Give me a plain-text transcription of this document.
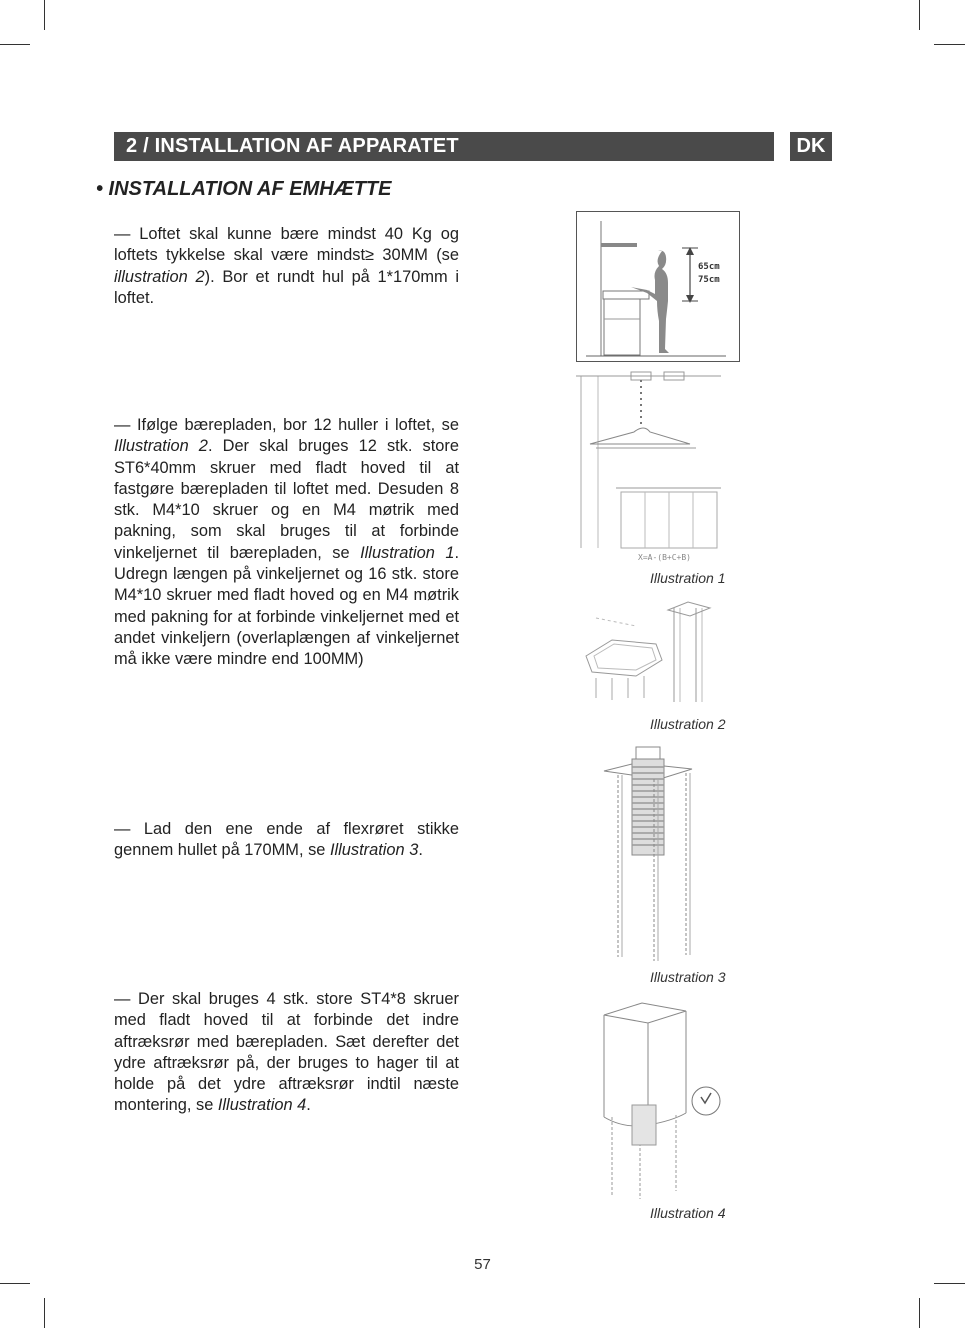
2 / INSTALLATION AF APPARATET	DK
• INSTALLATION AF EMHÆTTE
— Loftet skal kunne bære mindst 40 Kg og loftets tykkelse skal være mindst≥ 30MM (se illustration 2). Bor et rundt hul på 1*170mm i loftet.
— Ifølge bærepladen, bor 12 huller i loftet, se Illustration 2. Der skal bruges 12 stk. store ST6*40mm skruer med fladt hoved til at fastgøre bærepladen til loftet med. Desuden 8 stk. M4*10 skruer og en M4 møtrik med pakning, som skal bruges til at forbinde vinkeljernet til bærepladen, se Illustration 1. Udregn længen på vinkeljernet og 16 stk. store M4*10 skruer med fladt hoved og en M4 møtrik med pakning for at forbinde vinkeljernet med et andet vinkeljern (overlaplængen af vinkeljernet må ikke være mindre end 100MM)
— Lad den ene ende af flexrøret stikke gennem hullet på 170MM, se Illustration 3.
— Der skal bruges 4 stk. store ST4*8 skruer med fladt hoved til at forbinde det indre aftræksrør med bærepladen. Sæt derefter det ydre aftræksrør på, der bruges to hager til at holde på det ydre aftræksrør indtil næste montering, se Illustration 4.
65cm
75cm
X=A-(B+C+B)
Illustration 1
Illustration 2
Illustration 3
Illustration 4
57
